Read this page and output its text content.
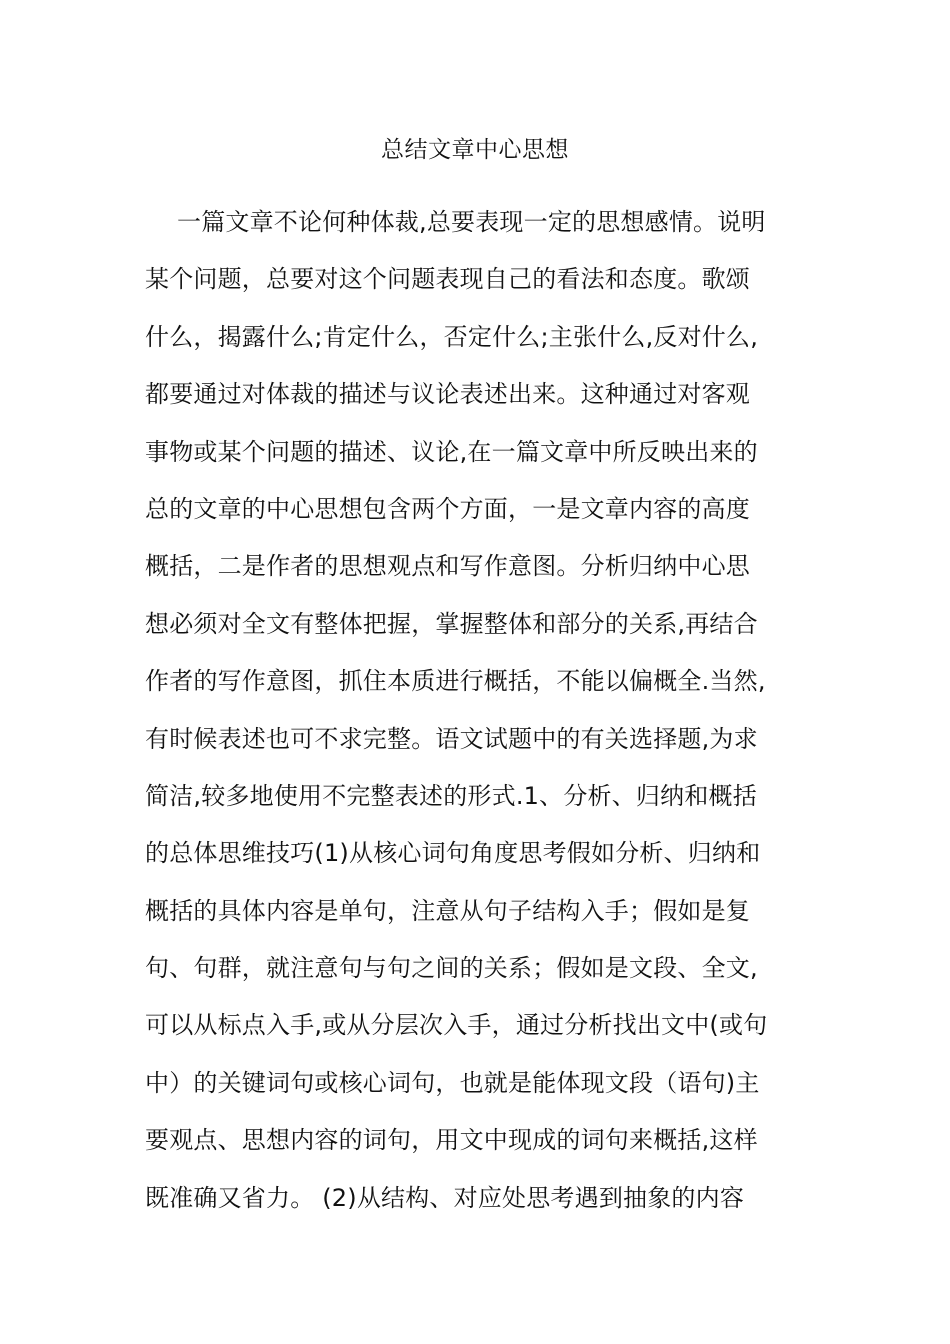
总结文章中心思想
一篇文章不论何种体裁,总要表现一定的思想感情。说明
某个问题，总要对这个问题表现自己的看法和态度。歌颂
什么，揭露什么;肯定什么，否定什么;主张什么,反对什么,
都要通过对体裁的描述与议论表述出来。这种通过对客观
事物或某个问题的描述、议论,在一篇文章中所反映出来的
总的文章的中心思想包含两个方面，一是文章内容的高度
概括，二是作者的思想观点和写作意图。分析归纳中心思
想必须对全文有整体把握，掌握整体和部分的关系,再结合
作者的写作意图，抓住本质进行概括，不能以偏概全.当然,
有时候表述也可不求完整。语文试题中的有关选择题,为求
简洁,较多地使用不完整表述的形式.1、分析、归纳和概括
的总体思维技巧(1)从核心词句角度思考假如分析、归纳和
概括的具体内容是单句，注意从句子结构入手；假如是复
句、句群，就注意句与句之间的关系；假如是文段、全文,
可以从标点入手,或从分层次入手，通过分析找出文中(或句
中）的关键词句或核心词句，也就是能体现文段（语句)主
要观点、思想内容的词句，用文中现成的词句来概括,这样
既准确又省力。 (2)从结构、对应处思考遇到抽象的内容
